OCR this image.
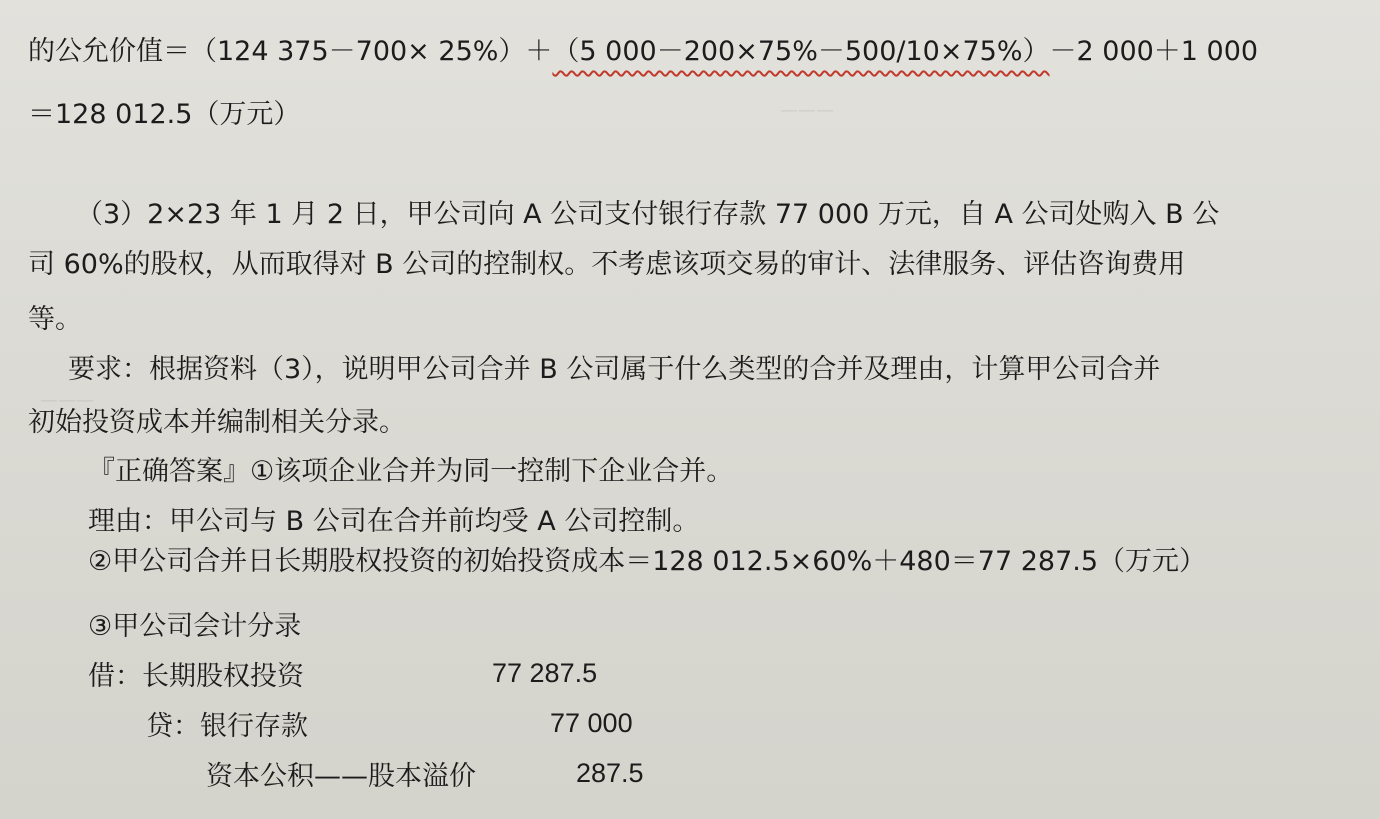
———
———
的公允价值＝（124 375－700× 25%）＋（5 000－200×75%－500/10×75%）－2 000＋1 000
＝128 012.5（万元）
（3）2×23 年 1 月 2 日，甲公司向 A 公司支付银行存款 77 000 万元，自 A 公司处购入 B 公
司 60%的股权，从而取得对 B 公司的控制权。不考虑该项交易的审计、法律服务、评估咨询费用
等。
要求：根据资料（3），说明甲公司合并 B 公司属于什么类型的合并及理由，计算甲公司合并
初始投资成本并编制相关分录。
『正确答案』①该项企业合并为同一控制下企业合并。
理由：甲公司与 B 公司在合并前均受 A 公司控制。
②甲公司合并日长期股权投资的初始投资成本＝128 012.5×60%＋480＝77 287.5（万元）
③甲公司会计分录
借：长期股权投资	77 287.5
贷：银行存款	77 000
资本公积——股本溢价	287.5
